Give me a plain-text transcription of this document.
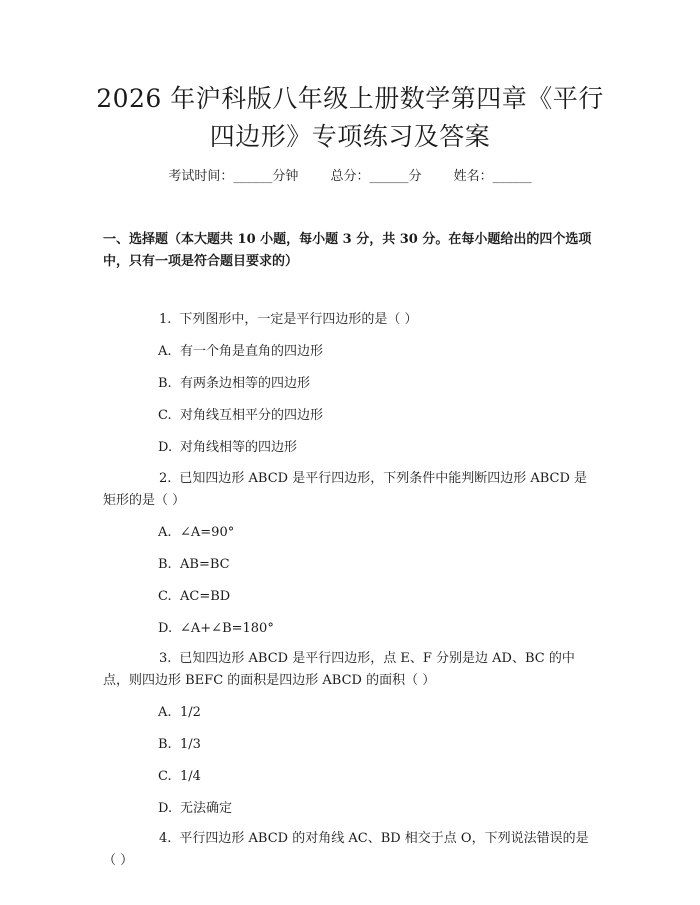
2026 年沪科版八年级上册数学第四章《平行
四边形》专项练习及答案
考试时间：______分钟 总分：______分 姓名：______

一、选择题（本大题共 10 小题，每小题 3 分，共 30 分。在每小题给出的四个选项中，只有一项是符合题目要求的）

1. 下列图形中，一定是平行四边形的是（ ）
A. 有一个角是直角的四边形
B. 有两条边相等的四边形
C. 对角线互相平分的四边形
D. 对角线相等的四边形
2. 已知四边形 ABCD 是平行四边形，下列条件中能判断四边形 ABCD 是矩形的是（ ）
A. ∠A=90°
B. AB=BC
C. AC=BD
D. ∠A+∠B=180°
3. 已知四边形 ABCD 是平行四边形，点 E、F 分别是边 AD、BC 的中点，则四边形 BEFC 的面积是四边形 ABCD 的面积（ ）
A. 1/2
B. 1/3
C. 1/4
D. 无法确定
4. 平行四边形 ABCD 的对角线 AC、BD 相交于点 O，下列说法错误的是（ ）
